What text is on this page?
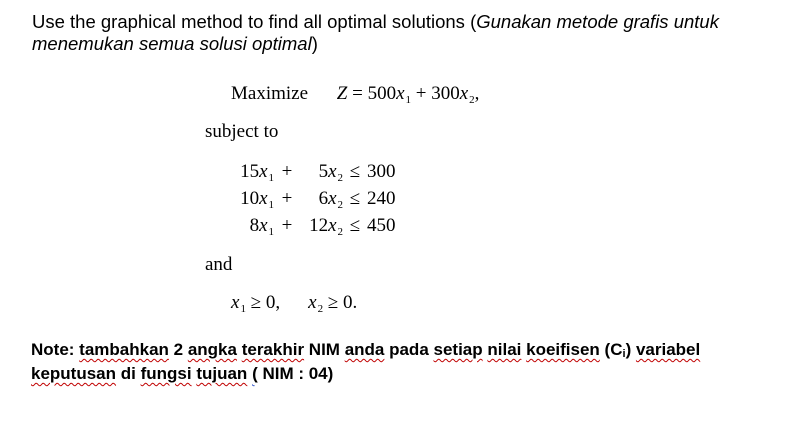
Use the graphical method to find all optimal solutions (Gunakan metode grafis untuk menemukan semua solusi optimal)
Maximize $Z = 500x_1 + 300x_2$,
subject to
$15x_1$ +	$5x_2 \le 300$
$10x_1$ +	$6x_2 \le 240$
$8x_1 + 12x_2 \le 450$
and
$x_1 \ge 0$, $x_2 \ge 0$.
Note: tambahkan 2 angka terakhir NIM anda pada setiap nilai koeifisen (Ci) variabel
keputusan di fungsi tujuan ( NIM : 04)
